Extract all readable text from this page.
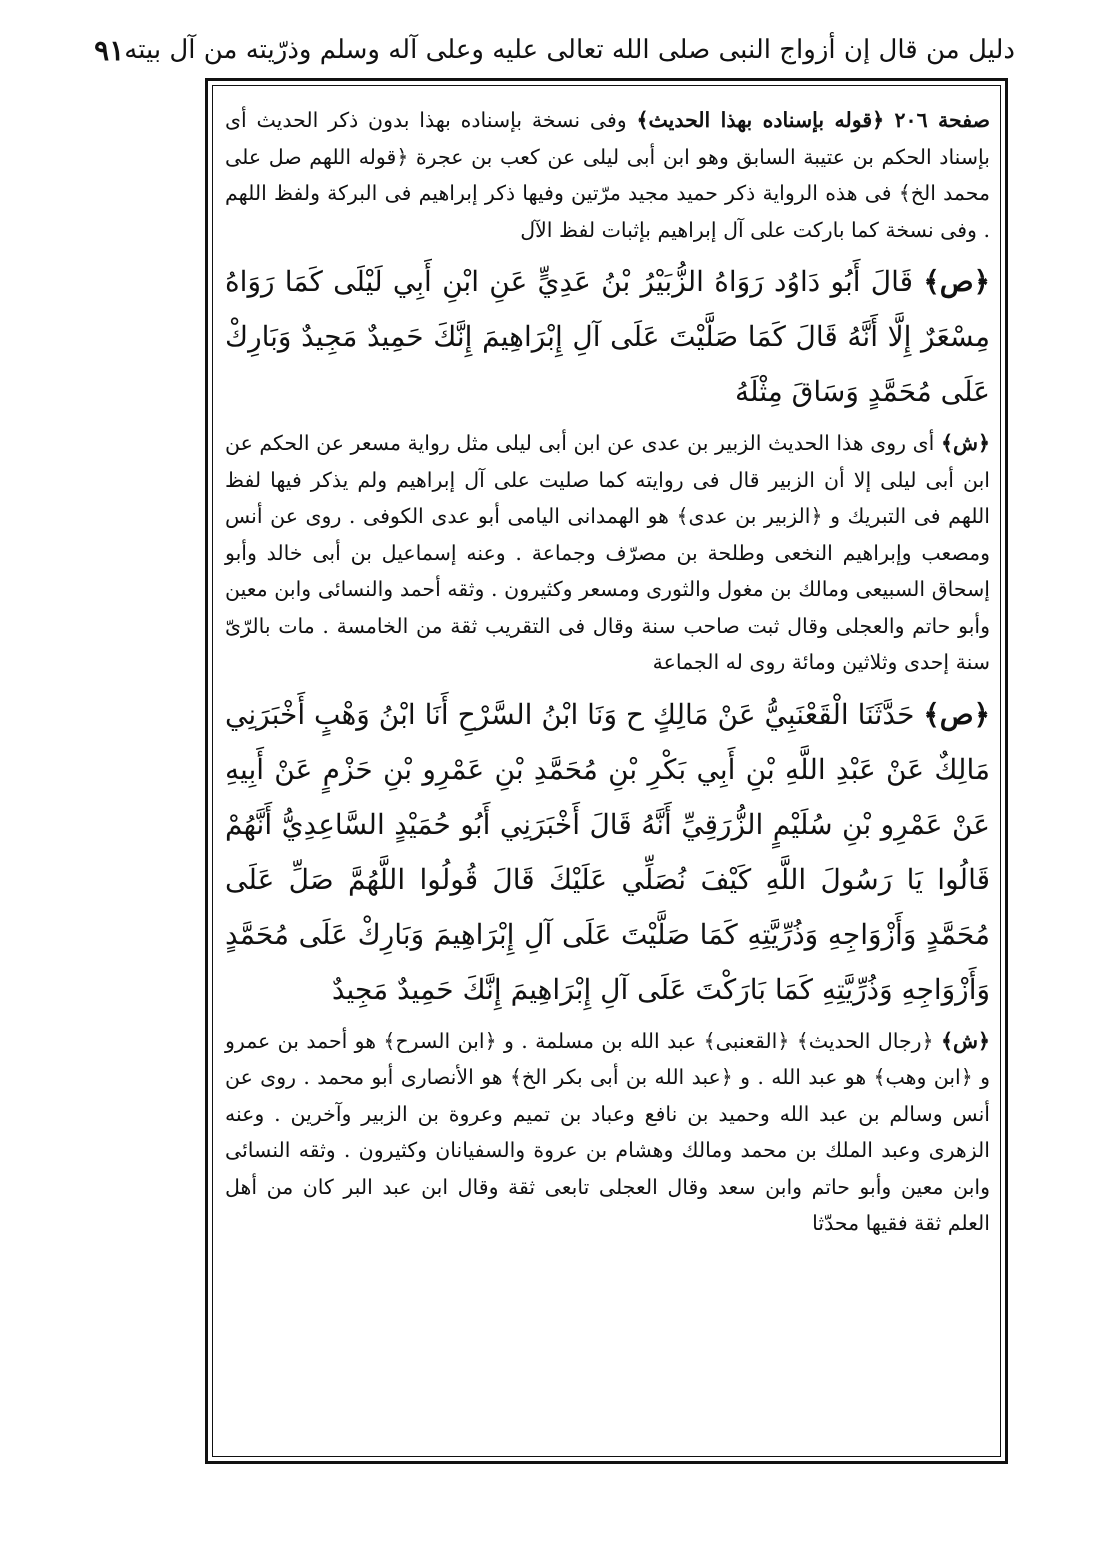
دليل من قال إن أزواج النبى صلى الله تعالى عليه وعلى آله وسلم وذرّيته من آل بيته
٩١

صفحة ٢٠٦ ﴿قوله بإسناده بهذا الحديث﴾ وفى نسخة بإسناده بهذا بدون ذكر الحديث أى بإسناد الحكم بن عتيبة السابق وهو ابن أبى ليلى عن كعب بن عجرة ﴿قوله اللهم صل على محمد الخ﴾ فى هذه الرواية ذكر حميد مجيد مرّتين وفيها ذكر إبراهيم فى البركة ولفظ اللهم . وفى نسخة كما باركت على آل إبراهيم بإثبات لفظ الآل

﴿ص﴾ قَالَ أَبُو دَاوُد رَوَاهُ الزُّبَيْرُ بْنُ عَدِيٍّ عَنِ ابْنِ أَبِي لَيْلَى كَمَا رَوَاهُ مِسْعَرٌ إِلَّا أَنَّهُ قَالَ كَمَا صَلَّيْتَ عَلَى آلِ إِبْرَاهِيمَ إِنَّكَ حَمِيدٌ مَجِيدٌ وَبَارِكْ عَلَى مُحَمَّدٍ وَسَاقَ مِثْلَهُ

﴿ش﴾ أى روى هذا الحديث الزبير بن عدى عن ابن أبى ليلى مثل رواية مسعر عن الحكم عن ابن أبى ليلى إلا أن الزبير قال فى روايته كما صليت على آل إبراهيم ولم يذكر فيها لفظ اللهم فى التبريك و ﴿الزبير بن عدى﴾ هو الهمدانى اليامى أبو عدى الكوفى . روى عن أنس ومصعب وإبراهيم النخعى وطلحة بن مصرّف وجماعة . وعنه إسماعيل بن أبى خالد وأبو إسحاق السبيعى ومالك بن مغول والثورى ومسعر وكثيرون . وثقه أحمد والنسائى وابن معين وأبو حاتم والعجلى وقال ثبت صاحب سنة وقال فى التقريب ثقة من الخامسة . مات بالرّىّ سنة إحدى وثلاثين ومائة روى له الجماعة

﴿ص﴾ حَدَّثَنَا الْقَعْنَبِيُّ عَنْ مَالِكٍ ح وَنَا ابْنُ السَّرْحِ أَنَا ابْنُ وَهْبٍ أَخْبَرَنِي مَالِكٌ عَنْ عَبْدِ اللَّهِ بْنِ أَبِي بَكْرِ بْنِ مُحَمَّدِ بْنِ عَمْرِو بْنِ حَزْمٍ عَنْ أَبِيهِ عَنْ عَمْرِو بْنِ سُلَيْمٍ الزُّرَقِيِّ أَنَّهُ قَالَ أَخْبَرَنِي أَبُو حُمَيْدٍ السَّاعِدِيُّ أَنَّهُمْ قَالُوا يَا رَسُولَ اللَّهِ كَيْفَ نُصَلِّي عَلَيْكَ قَالَ قُولُوا اللَّهُمَّ صَلِّ عَلَى مُحَمَّدٍ وَأَزْوَاجِهِ وَذُرِّيَّتِهِ كَمَا صَلَّيْتَ عَلَى آلِ إِبْرَاهِيمَ وَبَارِكْ عَلَى مُحَمَّدٍ وَأَزْوَاجِهِ وَذُرِّيَّتِهِ كَمَا بَارَكْتَ عَلَى آلِ إِبْرَاهِيمَ إِنَّكَ حَمِيدٌ مَجِيدٌ

﴿ش﴾ ﴿رجال الحديث﴾ ﴿القعنبى﴾ عبد الله بن مسلمة . و ﴿ابن السرح﴾ هو أحمد بن عمرو و ﴿ابن وهب﴾ هو عبد الله . و ﴿عبد الله بن أبى بكر الخ﴾ هو الأنصارى أبو محمد . روى عن أنس وسالم بن عبد الله وحميد بن نافع وعباد بن تميم وعروة بن الزبير وآخرين . وعنه الزهرى وعبد الملك بن محمد ومالك وهشام بن عروة والسفيانان وكثيرون . وثقه النسائى وابن معين وأبو حاتم وابن سعد وقال العجلى تابعى ثقة وقال ابن عبد البر كان من أهل العلم ثقة فقيها محدّثا
